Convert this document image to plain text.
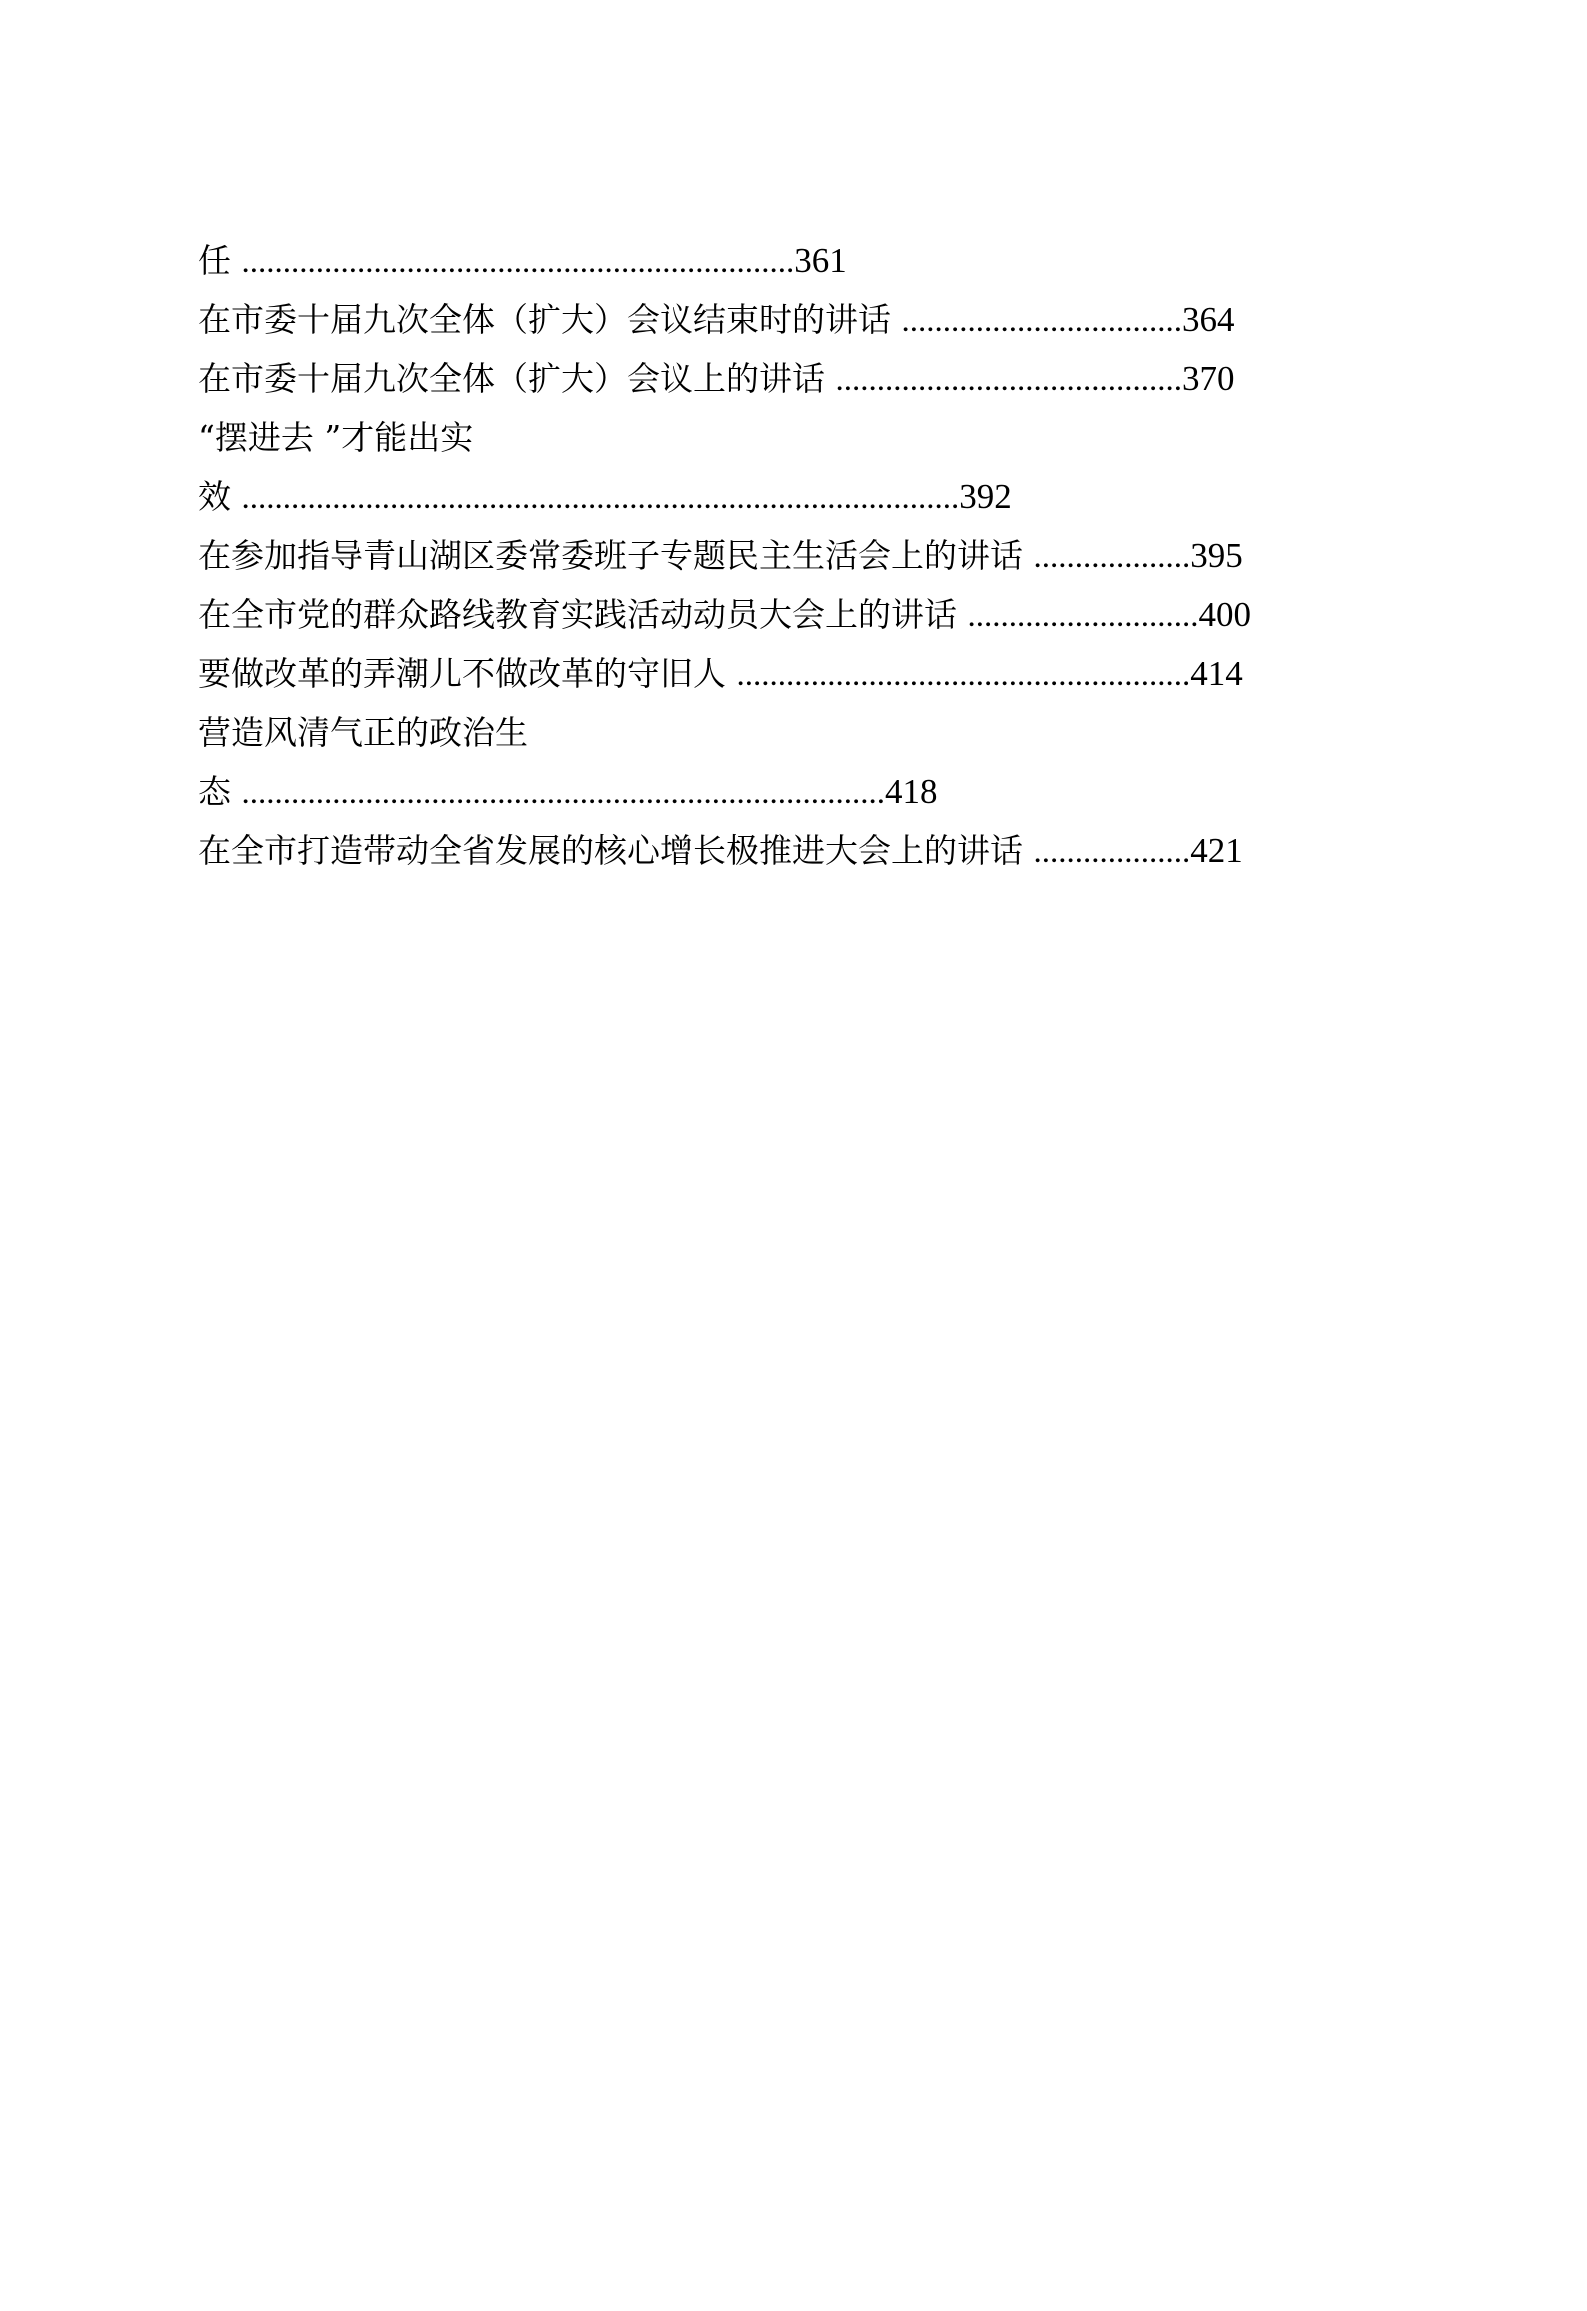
任 ...................................................................361
在市委十届九次全体（扩大）会议结束时的讲话 ..................................364
在市委十届九次全体（扩大）会议上的讲话 ..........................................370
“摆进去 ”才能出实
效 .......................................................................................392
在参加指导青山湖区委常委班子专题民主生活会上的讲话 ...................395
在全市党的群众路线教育实践活动动员大会上的讲话 ............................400
要做改革的弄潮儿不做改革的守旧人 .......................................................414
营造风清气正的政治生
态 ..............................................................................418
在全市打造带动全省发展的核心增长极推进大会上的讲话 ...................421
